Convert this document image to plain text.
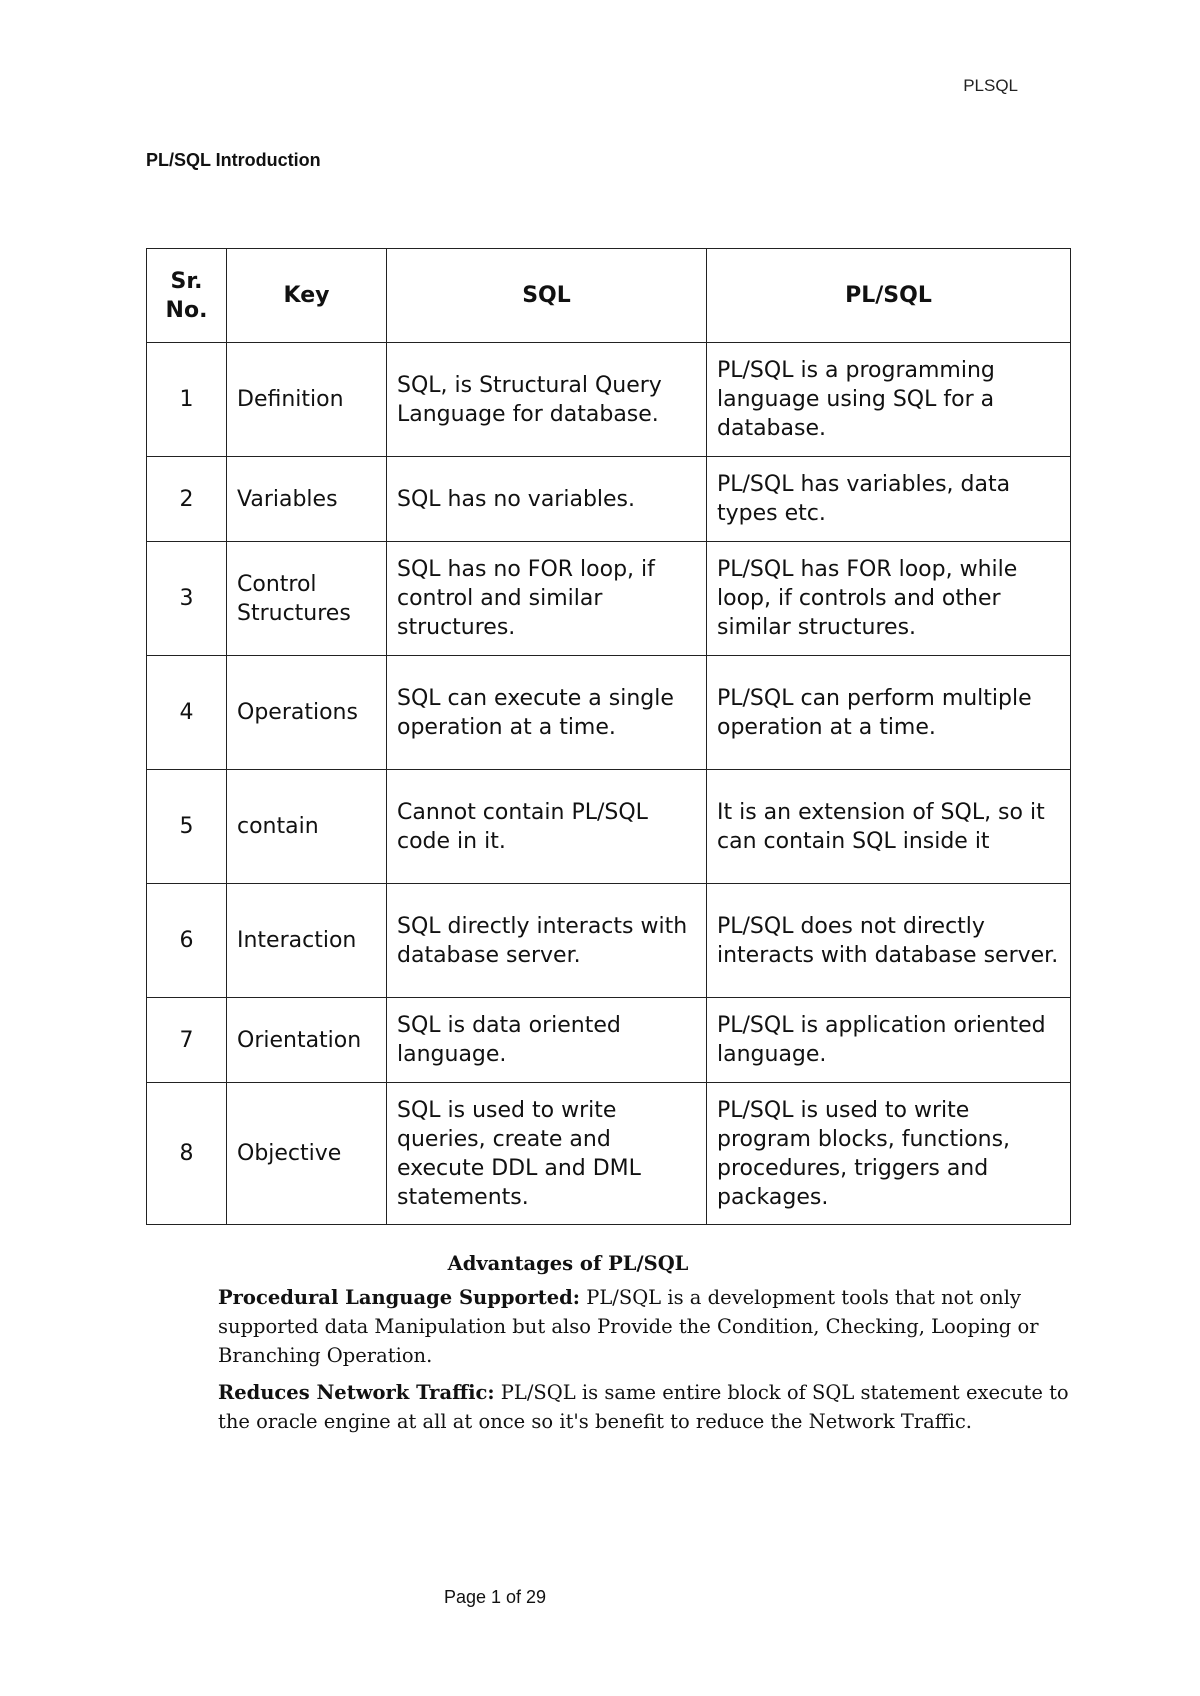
PLSQL
PL/SQL Introduction
Sr. No.	Key	SQL	PL/SQL
1	Definition	SQL, is Structural Query Language for database.	PL/SQL is a programming language using SQL for a database.
2	Variables	SQL has no variables.	PL/SQL has variables, data types etc.
3	Control Structures	SQL has no FOR loop, if control and similar structures.	PL/SQL has FOR loop, while loop, if controls and other similar structures.
4	Operations	SQL can execute a single operation at a time.	PL/SQL can perform multiple operation at a time.
5	contain	Cannot contain PL/SQL code in it.	It is an extension of SQL, so it can contain SQL inside it
6	Interaction	SQL directly interacts with database server.	PL/SQL does not directly interacts with database server.
7	Orientation	SQL is data oriented language.	PL/SQL is application oriented language.
8	Objective	SQL is used to write queries, create and execute DDL and DML statements.	PL/SQL is used to write program blocks, functions, procedures, triggers and packages.
Advantages of PL/SQL

Procedural Language Supported: PL/SQL is a development tools that not only supported data Manipulation but also Provide the Condition, Checking, Looping or Branching Operation.

Reduces Network Traffic: PL/SQL is same entire block of SQL statement execute to the oracle engine at all at once so it's benefit to reduce the Network Traffic.

Page 1 of 29
